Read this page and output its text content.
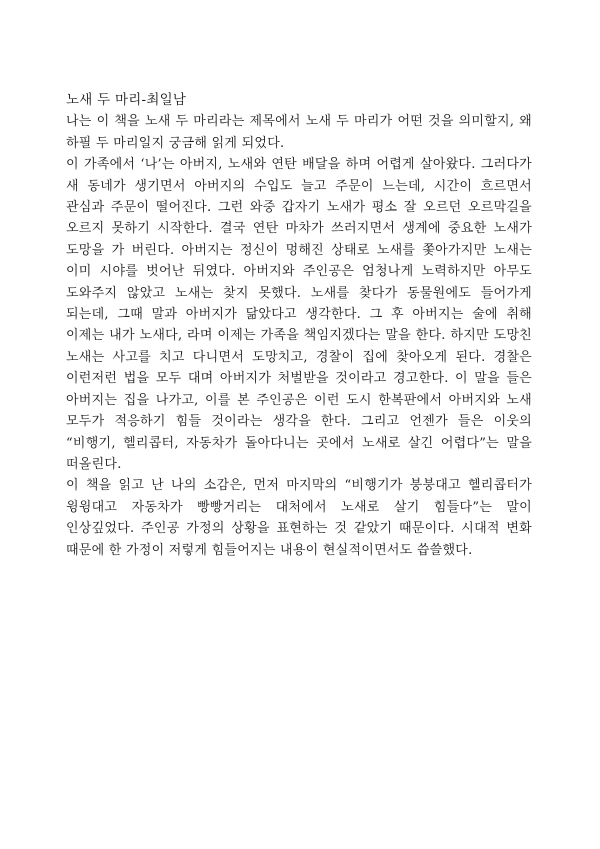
노새 두 마리-최일남

나는 이 책을 노새 두 마리라는 제목에서 노새 두 마리가 어떤 것을 의미할지, 왜 하필 두 마리일지 궁금해 읽게 되었다.

이 가족에서 ‘나’는 아버지, 노새와 연탄 배달을 하며 어렵게 살아왔다. 그러다가 새 동네가 생기면서 아버지의 수입도 늘고 주문이 느는데, 시간이 흐르면서 관심과 주문이 떨어진다. 그런 와중 갑자기 노새가 평소 잘 오르던 오르막길을 오르지 못하기 시작한다. 결국 연탄 마차가 쓰러지면서 생계에 중요한 노새가 도망을 가 버린다. 아버지는 정신이 멍해진 상태로 노새를 쫓아가지만 노새는 이미 시야를 벗어난 뒤였다. 아버지와 주인공은 엄청나게 노력하지만 아무도 도와주지 않았고 노새는 찾지 못했다. 노새를 찾다가 동물원에도 들어가게 되는데, 그때 말과 아버지가 닮았다고 생각한다. 그 후 아버지는 술에 취해 이제는 내가 노새다, 라며 이제는 가족을 책임지겠다는 말을 한다. 하지만 도망친 노새는 사고를 치고 다니면서 도망치고, 경찰이 집에 찾아오게 된다. 경찰은 이런저런 법을 모두 대며 아버지가 처벌받을 것이라고 경고한다. 이 말을 들은 아버지는 집을 나가고, 이를 본 주인공은 이런 도시 한복판에서 아버지와 노새 모두가 적응하기 힘들 것이라는 생각을 한다. 그리고 언젠가 들은 이웃의 “비행기, 헬리콥터, 자동차가 돌아다니는 곳에서 노새로 살긴 어렵다”는 말을 떠올린다.

이 책을 읽고 난 나의 소감은, 먼저 마지막의 “비행기가 붕붕대고 헬리콥터가 윙윙대고 자동차가 빵빵거리는 대처에서 노새로 살기 힘들다”는 말이 인상깊었다. 주인공 가정의 상황을 표현하는 것 같았기 때문이다. 시대적 변화 때문에 한 가정이 저렇게 힘들어지는 내용이 현실적이면서도 씁쓸했다.
